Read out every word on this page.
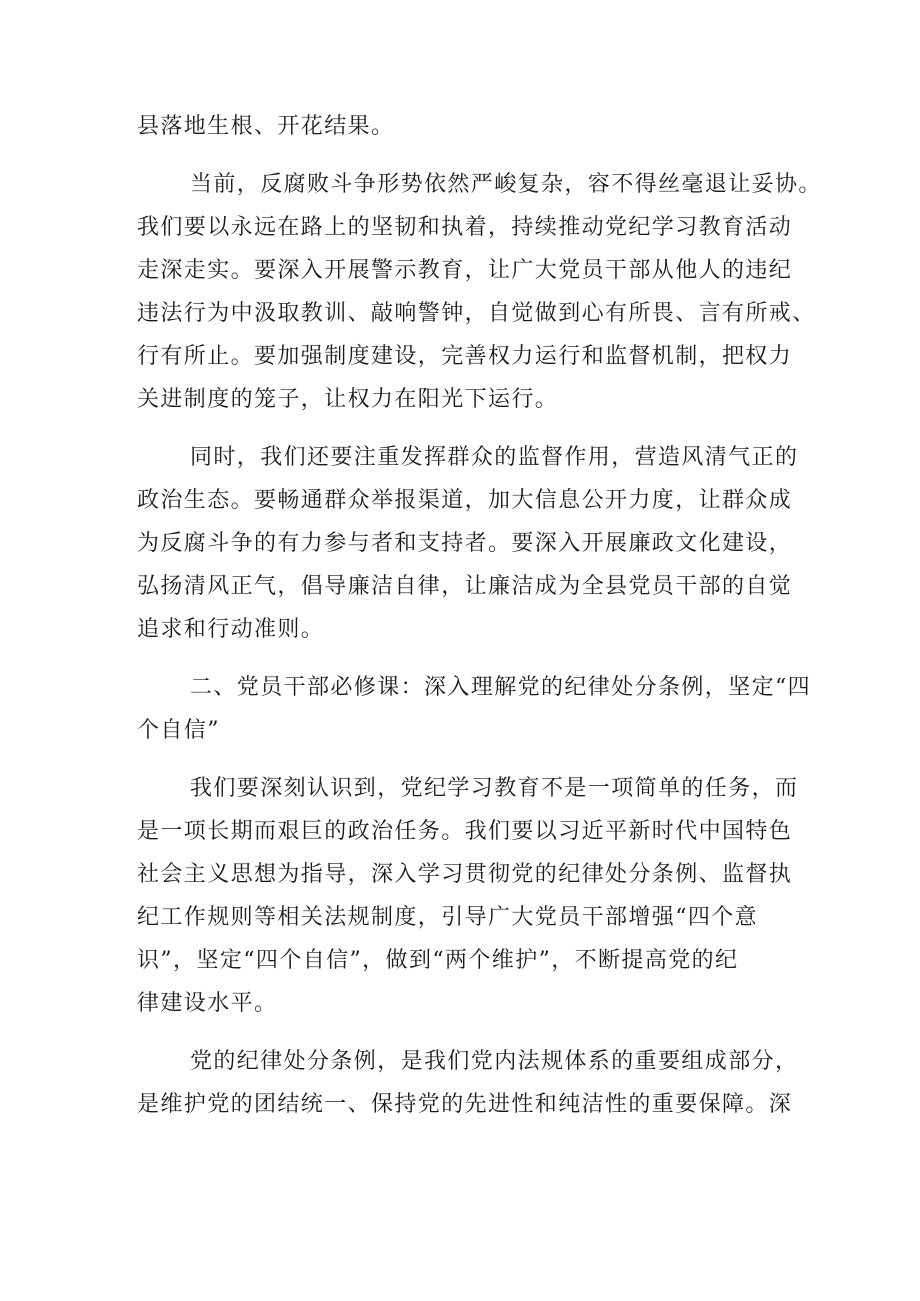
县落地生根、开花结果。
当前，反腐败斗争形势依然严峻复杂，容不得丝毫退让妥协。
我们要以永远在路上的坚韧和执着，持续推动党纪学习教育活动
走深走实。要深入开展警示教育，让广大党员干部从他人的违纪
违法行为中汲取教训、敲响警钟，自觉做到心有所畏、言有所戒、
行有所止。要加强制度建设，完善权力运行和监督机制，把权力
关进制度的笼子，让权力在阳光下运行。
同时，我们还要注重发挥群众的监督作用，营造风清气正的
政治生态。要畅通群众举报渠道，加大信息公开力度，让群众成
为反腐斗争的有力参与者和支持者。要深入开展廉政文化建设，
弘扬清风正气，倡导廉洁自律，让廉洁成为全县党员干部的自觉
追求和行动准则。
二、党员干部必修课：深入理解党的纪律处分条例，坚定“四
个自信”
我们要深刻认识到，党纪学习教育不是一项简单的任务，而
是一项长期而艰巨的政治任务。我们要以习近平新时代中国特色
社会主义思想为指导，深入学习贯彻党的纪律处分条例、监督执
纪工作规则等相关法规制度，引导广大党员干部增强“四个意
识”，坚定“四个自信”，做到“两个维护”，不断提高党的纪
律建设水平。
党的纪律处分条例，是我们党内法规体系的重要组成部分，
是维护党的团结统一、保持党的先进性和纯洁性的重要保障。深
